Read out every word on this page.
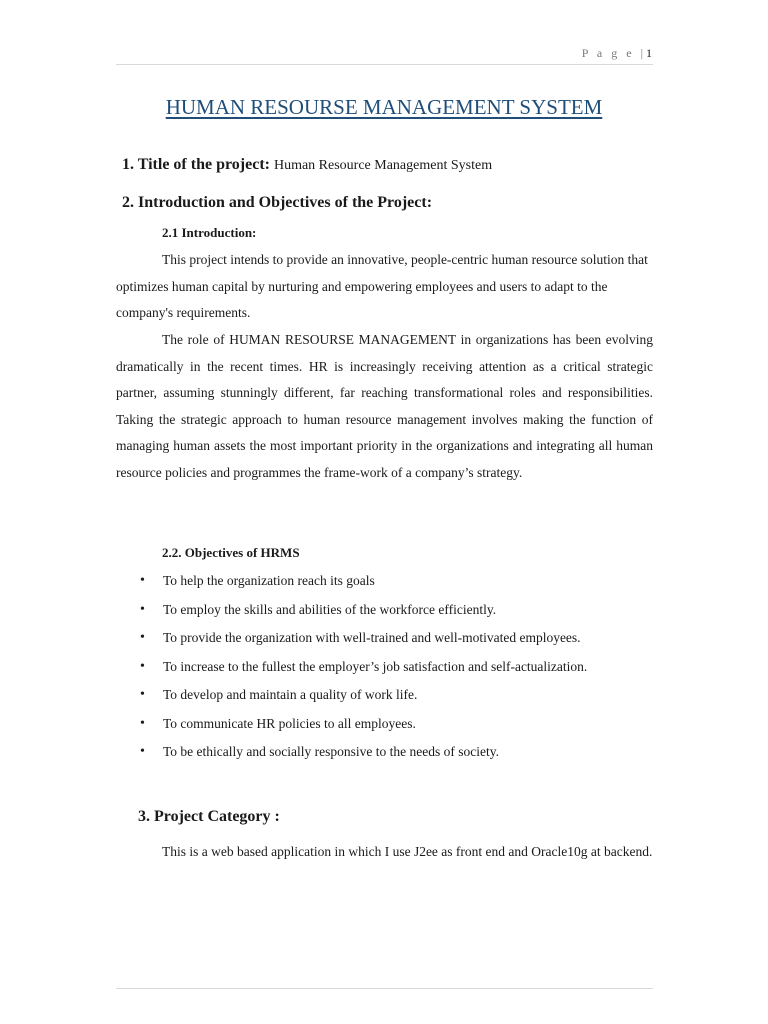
P a g e |1
HUMAN RESOURSE MANAGEMENT SYSTEM
1. Title of the project: Human Resource Management System
2. Introduction and Objectives of the Project:
2.1 Introduction:
This project intends to provide an innovative, people-centric human resource solution that optimizes human capital by nurturing and empowering employees and users to adapt to the company's requirements.
The role of HUMAN RESOURSE MANAGEMENT in organizations has been evolving dramatically in the recent times. HR is increasingly receiving attention as a critical strategic partner, assuming stunningly different, far reaching transformational roles and responsibilities. Taking the strategic approach to human resource management involves making the function of managing human assets the most important priority in the organizations and integrating all human resource policies and programmes the frame-work of a company’s strategy.
2.2. Objectives of HRMS
• To help the organization reach its goals
• To employ the skills and abilities of the workforce efficiently.
• To provide the organization with well-trained and well-motivated employees.
• To increase to the fullest the employer’s job satisfaction and self-actualization.
• To develop and maintain a quality of work life.
• To communicate HR policies to all employees.
• To be ethically and socially responsive to the needs of society.
3. Project Category :
This is a web based application in which I use J2ee as front end and Oracle10g at backend.
